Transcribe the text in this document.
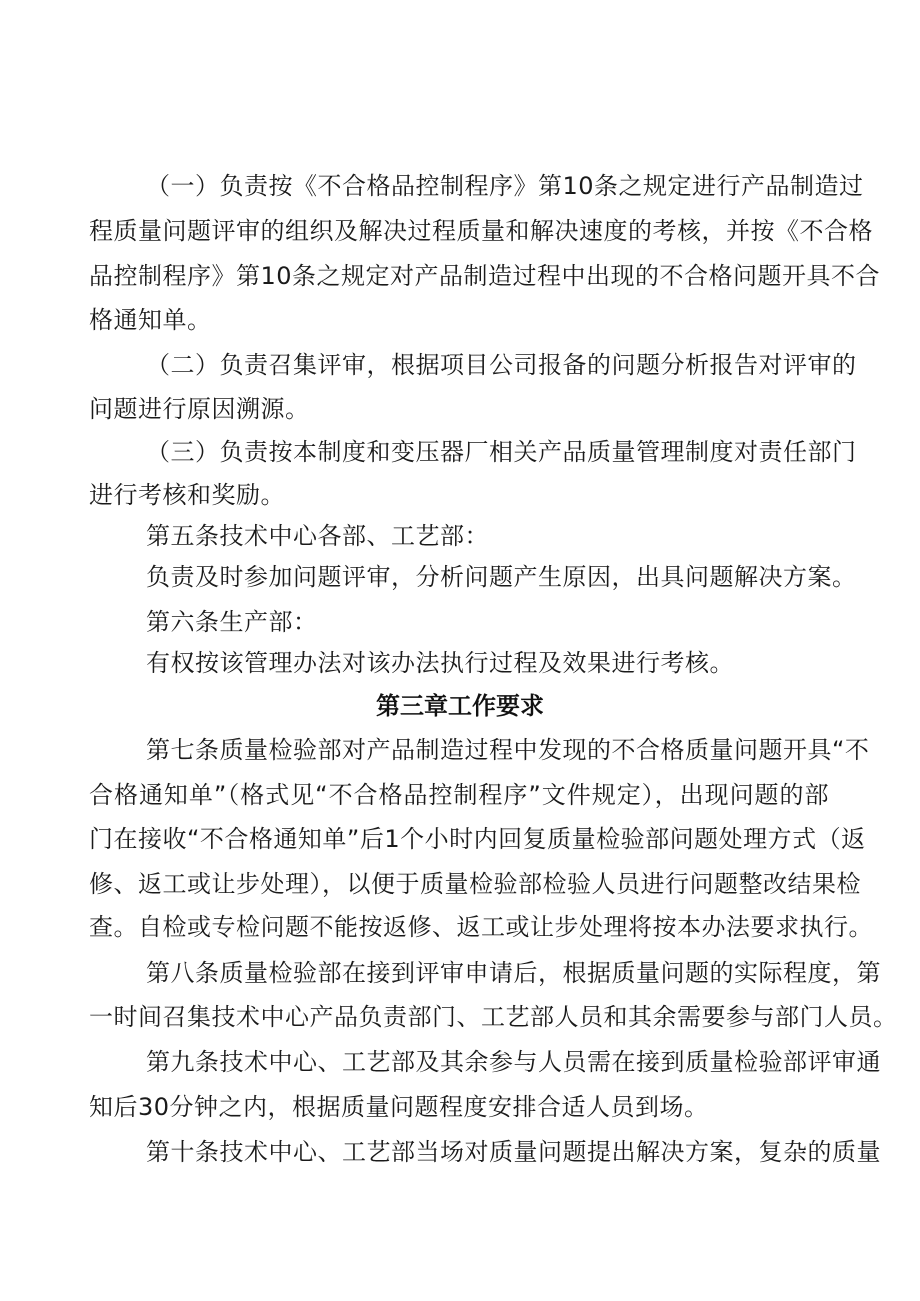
（一）负责按《不合格品控制程序》第10条之规定进行产品制造过

程质量问题评审的组织及解决过程质量和解决速度的考核，并按《不合格

品控制程序》第10条之规定对产品制造过程中出现的不合格问题开具不合

格通知单。

（二）负责召集评审，根据项目公司报备的问题分析报告对评审的

问题进行原因溯源。

（三）负责按本制度和变压器厂相关产品质量管理制度对责任部门

进行考核和奖励。

第五条技术中心各部、工艺部：

负责及时参加问题评审，分析问题产生原因，出具问题解决方案。

第六条生产部：

有权按该管理办法对该办法执行过程及效果进行考核。

第三章工作要求

第七条质量检验部对产品制造过程中发现的不合格质量问题开具“不

合格通知单”（格式见“不合格品控制程序”文件规定），出现问题的部

门在接收“不合格通知单”后1个小时内回复质量检验部问题处理方式（返

修、返工或让步处理），以便于质量检验部检验人员进行问题整改结果检

查。自检或专检问题不能按返修、返工或让步处理将按本办法要求执行。

第八条质量检验部在接到评审申请后，根据质量问题的实际程度，第

一时间召集技术中心产品负责部门、工艺部人员和其余需要参与部门人员。

第九条技术中心、工艺部及其余参与人员需在接到质量检验部评审通

知后30分钟之内，根据质量问题程度安排合适人员到场。

第十条技术中心、工艺部当场对质量问题提出解决方案，复杂的质量
